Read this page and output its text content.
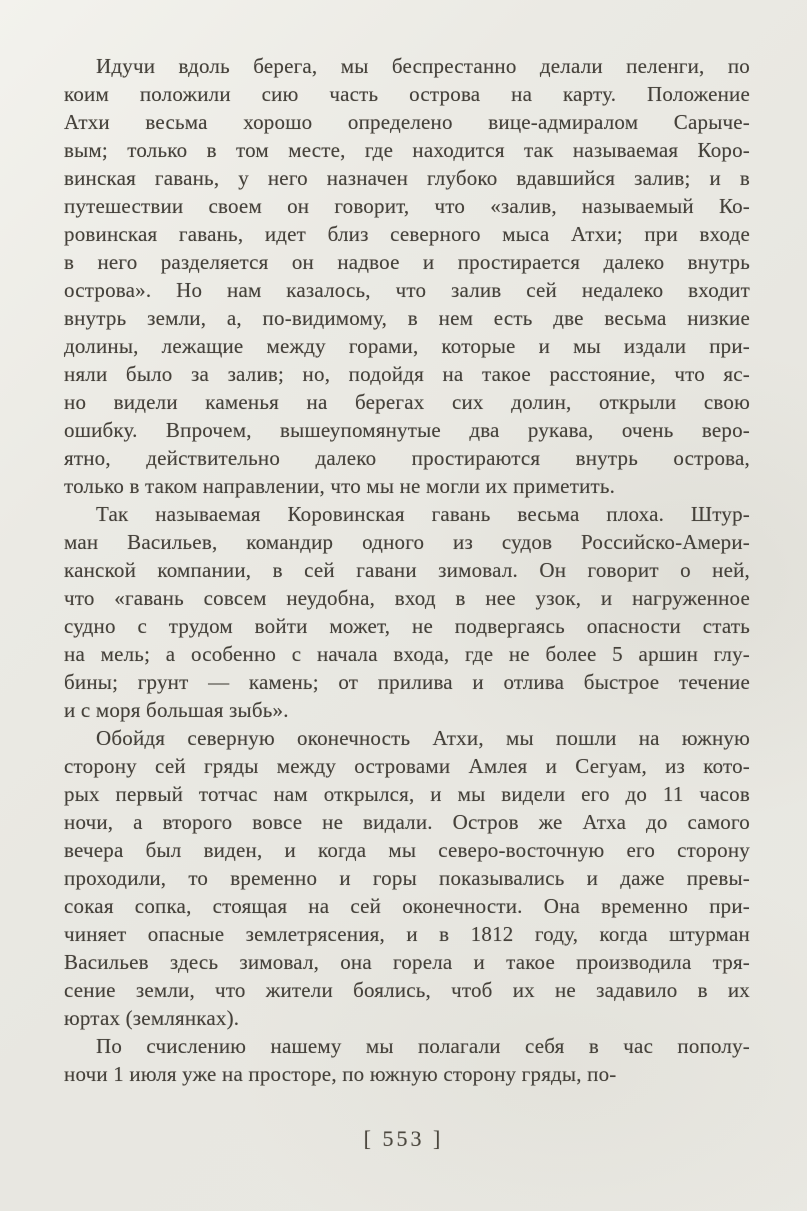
Идучи вдоль берега, мы беспрестанно делали пеленги, по
коим положили сию часть острова на карту. Положение
Атхи весьма хорошо определено вице-адмиралом Сарыче-
вым; только в том месте, где находится так называемая Коро-
винская гавань, у него назначен глубоко вдавшийся залив; и в
путешествии своем он говорит, что «залив, называемый Ко-
ровинская гавань, идет близ северного мыса Атхи; при входе
в него разделяется он надвое и простирается далеко внутрь
острова». Но нам казалось, что залив сей недалеко входит
внутрь земли, а, по-видимому, в нем есть две весьма низкие
долины, лежащие между горами, которые и мы издали при-
няли было за залив; но, подойдя на такое расстояние, что яс-
но видели каменья на берегах сих долин, открыли свою
ошибку. Впрочем, вышеупомянутые два рукава, очень веро-
ятно, действительно далеко простираются внутрь острова,
только в таком направлении, что мы не могли их приметить.
Так называемая Коровинская гавань весьма плоха. Штур-
ман Васильев, командир одного из судов Российско-Амери-
канской компании, в сей гавани зимовал. Он говорит о ней,
что «гавань совсем неудобна, вход в нее узок, и нагруженное
судно с трудом войти может, не подвергаясь опасности стать
на мель; а особенно с начала входа, где не более 5 аршин глу-
бины; грунт — камень; от прилива и отлива быстрое течение
и с моря большая зыбь».
Обойдя северную оконечность Атхи, мы пошли на южную
сторону сей гряды между островами Амлея и Сегуам, из кото-
рых первый тотчас нам открылся, и мы видели его до 11 часов
ночи, а второго вовсе не видали. Остров же Атха до самого
вечера был виден, и когда мы северо-восточную его сторону
проходили, то временно и горы показывались и даже превы-
сокая сопка, стоящая на сей оконечности. Она временно при-
чиняет опасные землетрясения, и в 1812 году, когда штурман
Васильев здесь зимовал, она горела и такое производила тря-
сение земли, что жители боялись, чтоб их не задавило в их
юртах (землянках).
По счислению нашему мы полагали себя в час пополу-
ночи 1 июля уже на просторе, по южную сторону гряды, по-
[ 553 ]
